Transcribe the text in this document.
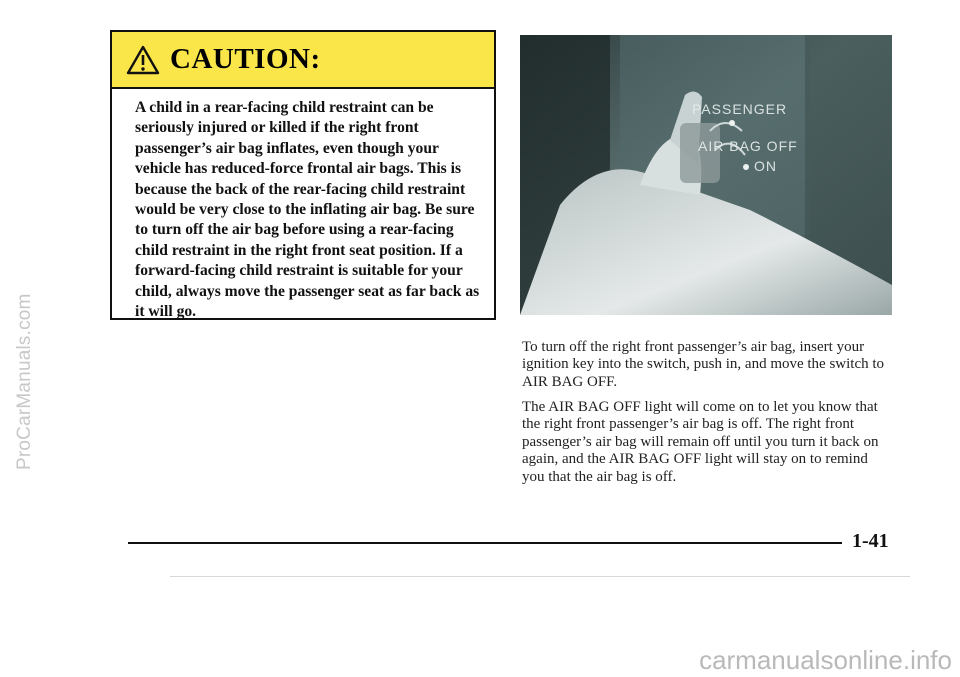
ProCarManuals.com
CAUTION:

A child in a rear-facing child restraint can be seriously injured or killed if the right front passenger’s air bag inflates, even though your vehicle has reduced-force frontal air bags. This is because the back of the rear-facing child restraint would be very close to the inflating air bag. Be sure to turn off the air bag before using a rear-facing child restraint in the right front seat position. If a forward-facing child restraint is suitable for your child, always move the passenger seat as far back as it will go.

PASSENGER
AIR BAG OFF
ON

To turn off the right front passenger’s air bag, insert your ignition key into the switch, push in, and move the switch to AIR BAG OFF.

The AIR BAG OFF light will come on to let you know that the right front passenger’s air bag is off. The right front passenger’s air bag will remain off until you turn it back on again, and the AIR BAG OFF light will stay on to remind you that the air bag is off.

1-41
carmanualsonline.info
